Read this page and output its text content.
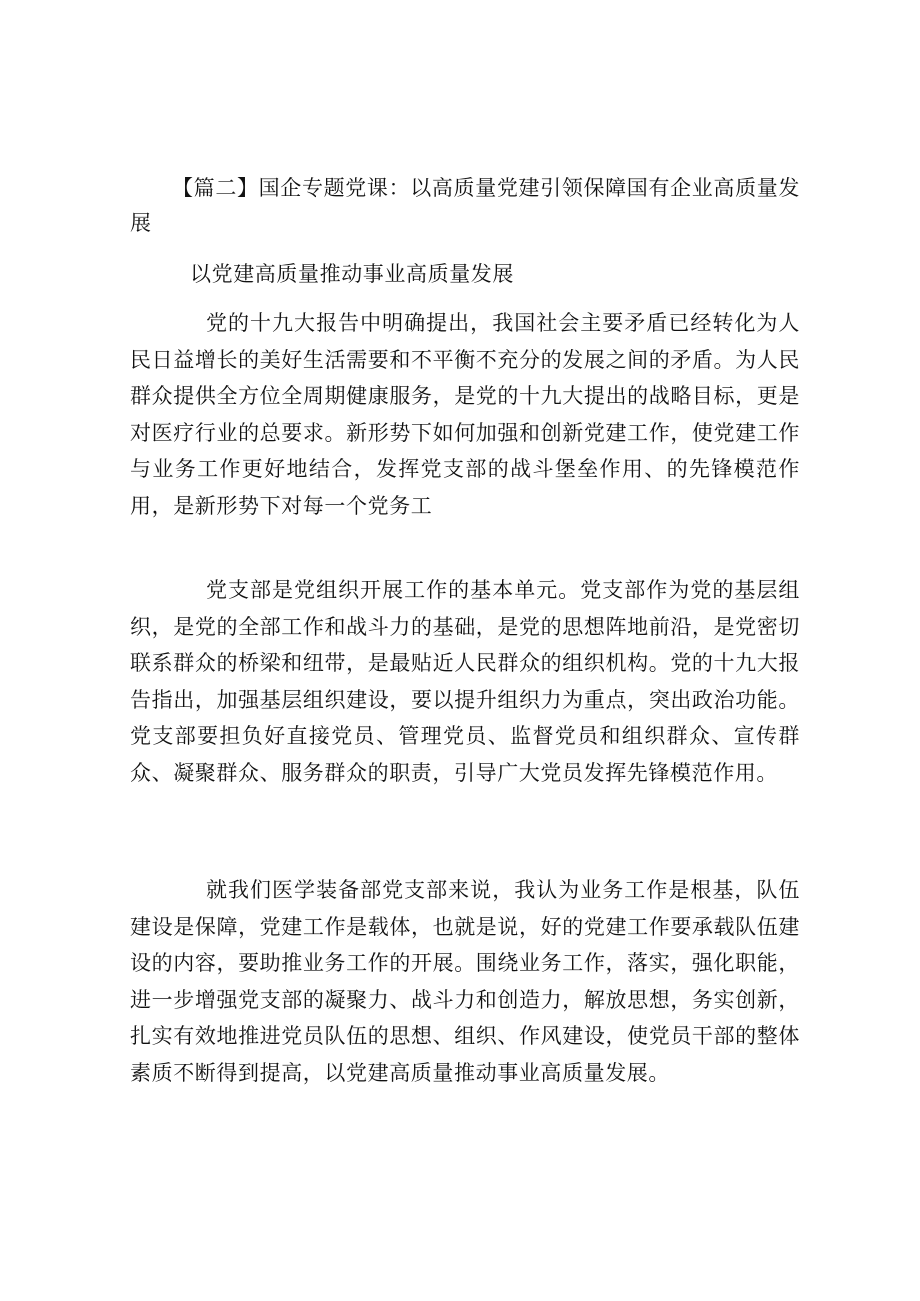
【篇二】国企专题党课：以高质量党建引领保障国有企业高质量发展

以党建高质量推动事业高质量发展

党的十九大报告中明确提出，我国社会主要矛盾已经转化为人民日益增长的美好生活需要和不平衡不充分的发展之间的矛盾。为人民群众提供全方位全周期健康服务，是党的十九大提出的战略目标，更是对医疗行业的总要求。新形势下如何加强和创新党建工作，使党建工作与业务工作更好地结合，发挥党支部的战斗堡垒作用、的先锋模范作用，是新形势下对每一个党务工

党支部是党组织开展工作的基本单元。党支部作为党的基层组织，是党的全部工作和战斗力的基础，是党的思想阵地前沿，是党密切联系群众的桥梁和纽带，是最贴近人民群众的组织机构。党的十九大报告指出，加强基层组织建设，要以提升组织力为重点，突出政治功能。党支部要担负好直接党员、管理党员、监督党员和组织群众、宣传群众、凝聚群众、服务群众的职责，引导广大党员发挥先锋模范作用。

就我们医学装备部党支部来说，我认为业务工作是根基，队伍建设是保障，党建工作是载体，也就是说，好的党建工作要承载队伍建设的内容，要助推业务工作的开展。围绕业务工作，落实，强化职能，进一步增强党支部的凝聚力、战斗力和创造力，解放思想，务实创新，扎实有效地推进党员队伍的思想、组织、作风建设，使党员干部的整体素质不断得到提高，以党建高质量推动事业高质量发展。
